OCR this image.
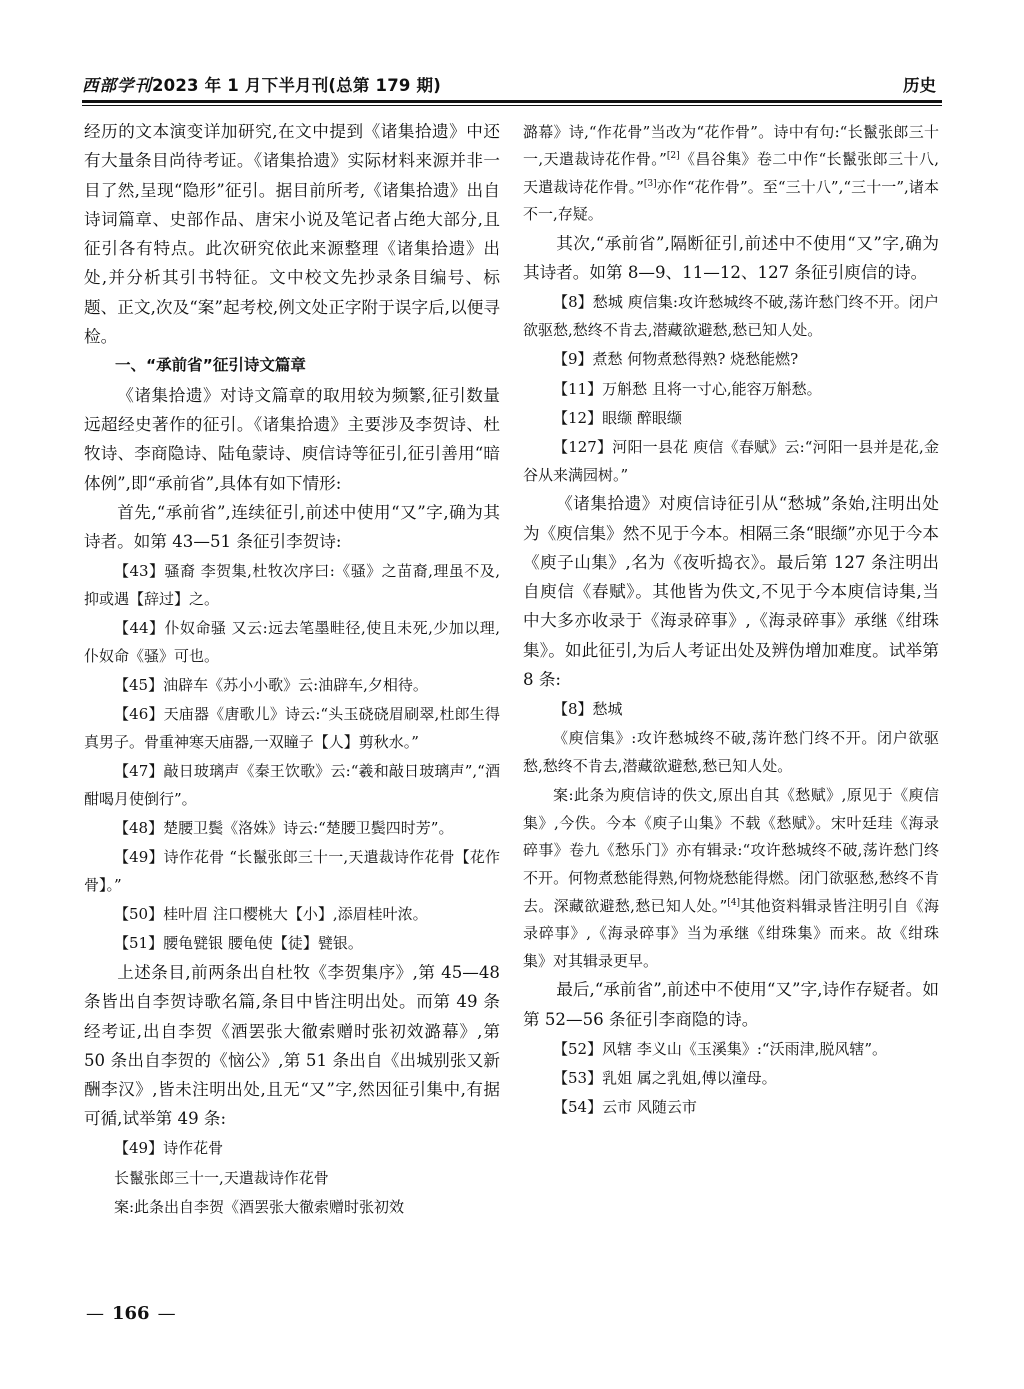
西部学刊2023 年 1 月下半月刊(总第 179 期)	历史

经历的文本演变详加研究,在文中提到《诸集拾遗》中还有大量条目尚待考证。《诸集拾遗》实际材料来源并非一目了然,呈现“隐形”征引。据目前所考,《诸集拾遗》出自诗词篇章、史部作品、唐宋小说及笔记者占绝大部分,且征引各有特点。此次研究依此来源整理《诸集拾遗》出处,并分析其引书特征。文中校文先抄录条目编号、标题、正文,次及“案”起考校,例文处正字附于误字后,以便寻检。

一、“承前省”征引诗文篇章

《诸集拾遗》对诗文篇章的取用较为频繁,征引数量远超经史著作的征引。《诸集拾遗》主要涉及李贺诗、杜牧诗、李商隐诗、陆龟蒙诗、庾信诗等征引,征引善用“暗体例”,即“承前省”,具体有如下情形:

首先,“承前省”,连续征引,前述中使用“又”字,确为其诗者。如第 43—51 条征引李贺诗:

【43】骚裔 李贺集,杜牧次序曰:《骚》之苗裔,理虽不及,抑或遇【辞过】之。

【44】仆奴命骚 又云:远去笔墨畦径,使且未死,少加以理,仆奴命《骚》可也。

【45】油辟车《苏小小歌》云:油辟车,夕相待。

【46】天庙器《唐歌儿》诗云:“头玉硗硗眉刷翠,杜郎生得真男子。骨重神寒天庙器,一双瞳子【人】剪秋水。”

【47】敲日玻璃声《秦王饮歌》云:“羲和敲日玻璃声”,“酒酣喝月使倒行”。

【48】楚腰卫鬓《洛姝》诗云:“楚腰卫鬓四时芳”。

【49】诗作花骨 “长鬣张郎三十一,天遣裁诗作花骨【花作骨】。”

【50】桂叶眉 注口樱桃大【小】,添眉桂叶浓。

【51】腰龟甓银 腰龟使【徒】甓银。

上述条目,前两条出自杜牧《李贺集序》,第 45—48 条皆出自李贺诗歌名篇,条目中皆注明出处。而第 49 条经考证,出自李贺《酒罢张大徹索赠时张初效潞幕》,第 50 条出自李贺的《恼公》,第 51 条出自《出城别张又新酬李汉》,皆未注明出处,且无“又”字,然因征引集中,有据可循,试举第 49 条:

【49】诗作花骨

长鬣张郎三十一,天遣裁诗作花骨

案:此条出自李贺《酒罢张大徹索赠时张初效

潞幕》诗,“作花骨”当改为“花作骨”。诗中有句:“长鬣张郎三十一,天遣裁诗花作骨。”[2]《昌谷集》卷二中作“长鬣张郎三十八,天遣裁诗花作骨。”[3]亦作“花作骨”。至“三十八”,“三十一”,诸本不一,存疑。

其次,“承前省”,隔断征引,前述中不使用“又”字,确为其诗者。如第 8—9、11—12、127 条征引庾信的诗。

【8】愁城 庾信集:攻许愁城终不破,荡许愁门终不开。闭户欲驱愁,愁终不肯去,潜藏欲避愁,愁已知人处。

【9】煮愁 何物煮愁得熟? 烧愁能燃?

【11】万斛愁 且将一寸心,能容万斛愁。

【12】眼缬 醉眼缬

【127】河阳一县花 庾信《春赋》云:“河阳一县并是花,金谷从来满园树。”

《诸集拾遗》对庾信诗征引从“愁城”条始,注明出处为《庾信集》然不见于今本。相隔三条“眼缬”亦见于今本《庾子山集》,名为《夜听捣衣》。最后第 127 条注明出自庾信《春赋》。其他皆为佚文,不见于今本庾信诗集,当中大多亦收录于《海录碎事》,《海录碎事》承继《绀珠集》。如此征引,为后人考证出处及辨伪增加难度。试举第 8 条:

【8】愁城

《庾信集》:攻许愁城终不破,荡许愁门终不开。闭户欲驱愁,愁终不肯去,潜藏欲避愁,愁已知人处。

案:此条为庾信诗的佚文,原出自其《愁赋》,原见于《庾信集》,今佚。今本《庾子山集》不载《愁赋》。宋叶廷珪《海录碎事》卷九《愁乐门》亦有辑录:“攻许愁城终不破,荡许愁门终不开。何物煮愁能得熟,何物烧愁能得燃。闭门欲驱愁,愁终不肯去。深藏欲避愁,愁已知人处。”[4]其他资料辑录皆注明引自《海录碎事》,《海录碎事》当为承继《绀珠集》而来。故《绀珠集》对其辑录更早。

最后,“承前省”,前述中不使用“又”字,诗作存疑者。如第 52—56 条征引李商隐的诗。

【52】风辖 李义山《玉溪集》:“沃雨津,脱风辖”。

【53】乳姐 属之乳姐,傅以潼母。

【54】云市 风随云市

— 166 —
